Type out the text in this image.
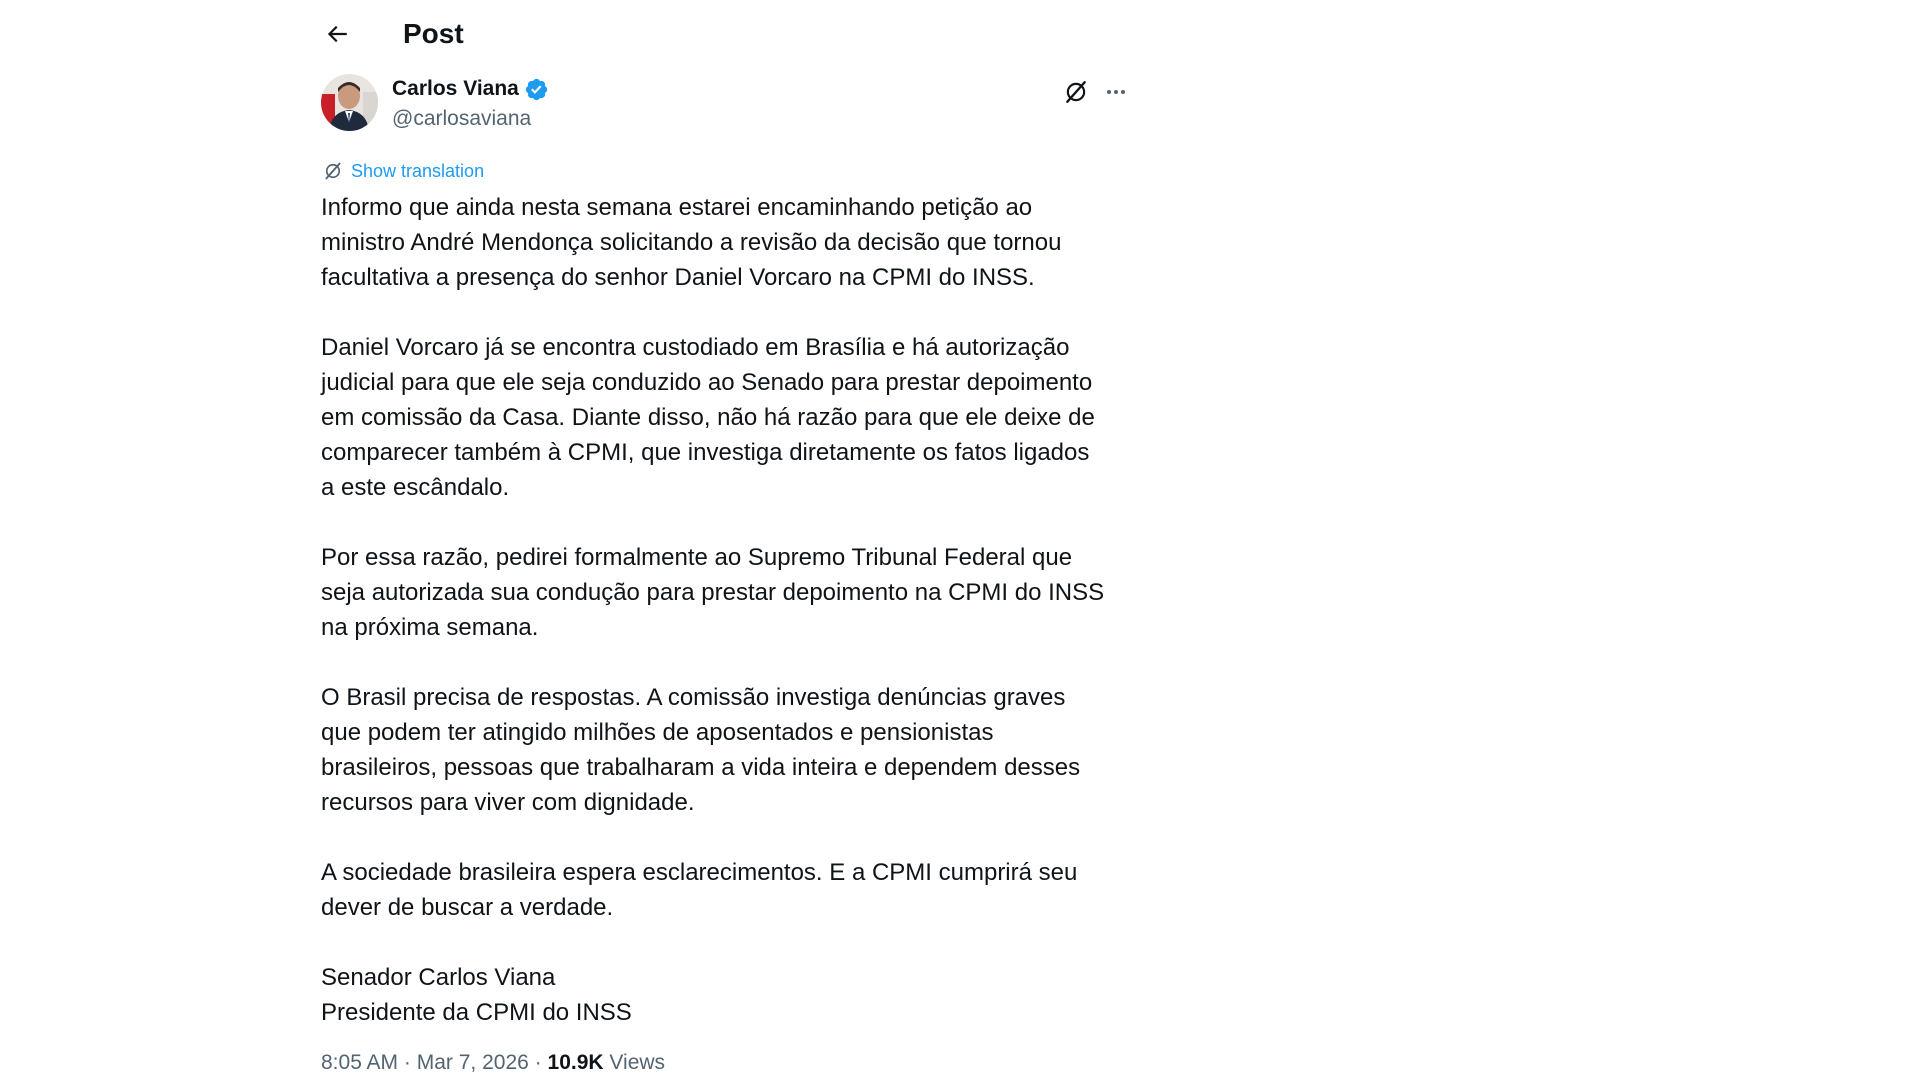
Post
Carlos Viana
@carlosaviana
Show translation

Informo que ainda nesta semana estarei encaminhando petição ao
ministro André Mendonça solicitando a revisão da decisão que tornou
facultativa a presença do senhor Daniel Vorcaro na CPMI do INSS.

Daniel Vorcaro já se encontra custodiado em Brasília e há autorização
judicial para que ele seja conduzido ao Senado para prestar depoimento
em comissão da Casa. Diante disso, não há razão para que ele deixe de
comparecer também à CPMI, que investiga diretamente os fatos ligados
a este escândalo.

Por essa razão, pedirei formalmente ao Supremo Tribunal Federal que
seja autorizada sua condução para prestar depoimento na CPMI do INSS
na próxima semana.

O Brasil precisa de respostas. A comissão investiga denúncias graves
que podem ter atingido milhões de aposentados e pensionistas
brasileiros, pessoas que trabalharam a vida inteira e dependem desses
recursos para viver com dignidade.

A sociedade brasileira espera esclarecimentos. E a CPMI cumprirá seu
dever de buscar a verdade.

Senador Carlos Viana
Presidente da CPMI do INSS

8:05 AM · Mar 7, 2026 · 10.9K Views
